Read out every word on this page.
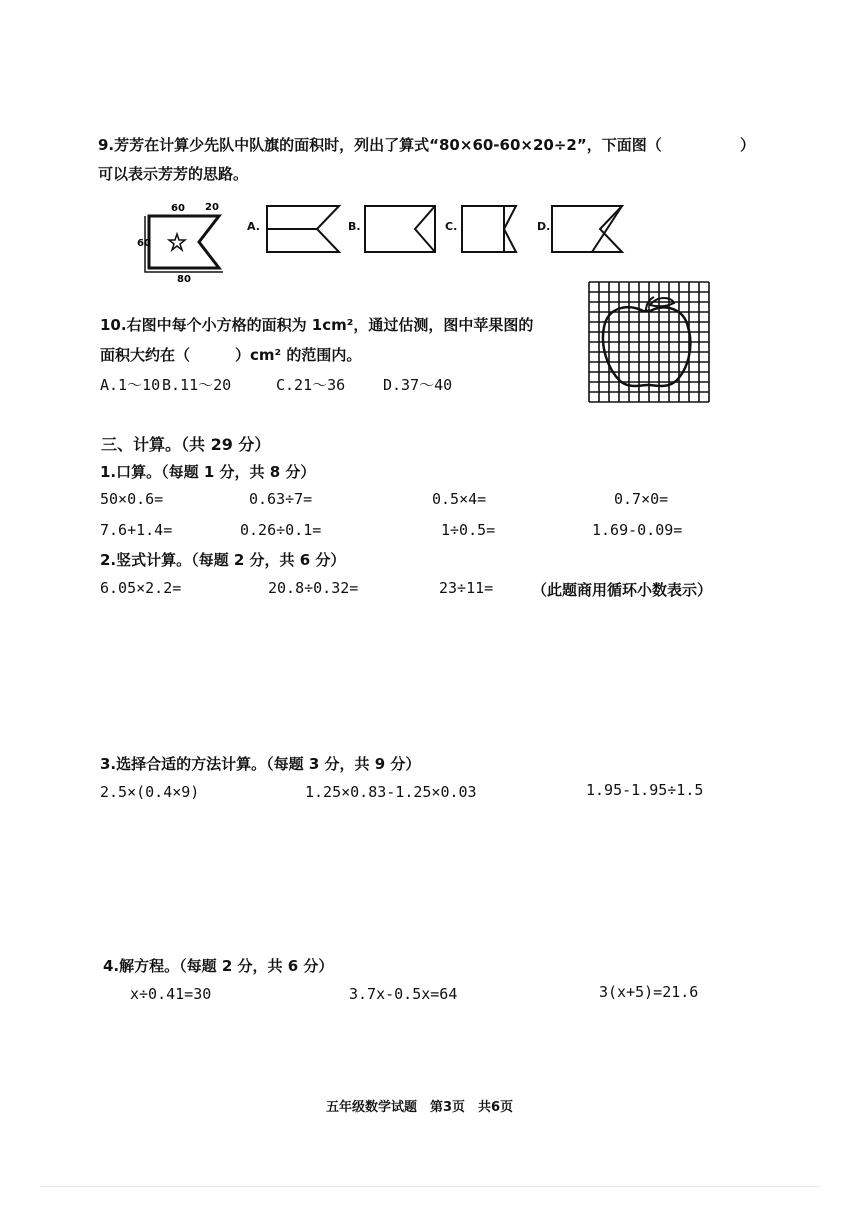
9.芳芳在计算少先队中队旗的面积时，列出了算式“80×60-60×20÷2”，下面图（	）
可以表示芳芳的思路。
60 20
60
80
A.	B.	C.	D.
10.右图中每个小方格的面积为 1cm²，通过估测，图中苹果图的
面积大约在（　　　）cm² 的范围内。
A.1～10 B.11～20	C.21～36	D.37～40
三、计算。（共 29 分）
1.口算。（每题 1 分，共 8 分）
50×0.6=	0.63÷7=	0.5×4=	0.7×0=
7.6+1.4=	0.26÷0.1=	1÷0.5=	1.69-0.09=
2.竖式计算。（每题 2 分，共 6 分）
6.05×2.2=	20.8÷0.32=	23÷11=	（此题商用循环小数表示）
3.选择合适的方法计算。（每题 3 分，共 9 分）
2.5×(0.4×9)	1.25×0.83-1.25×0.03	1.95-1.95÷1.5
4.解方程。（每题 2 分，共 6 分）
x÷0.41=30	3.7x-0.5x=64	3(x+5)=21.6
五年级数学试题　第3页　共6页
